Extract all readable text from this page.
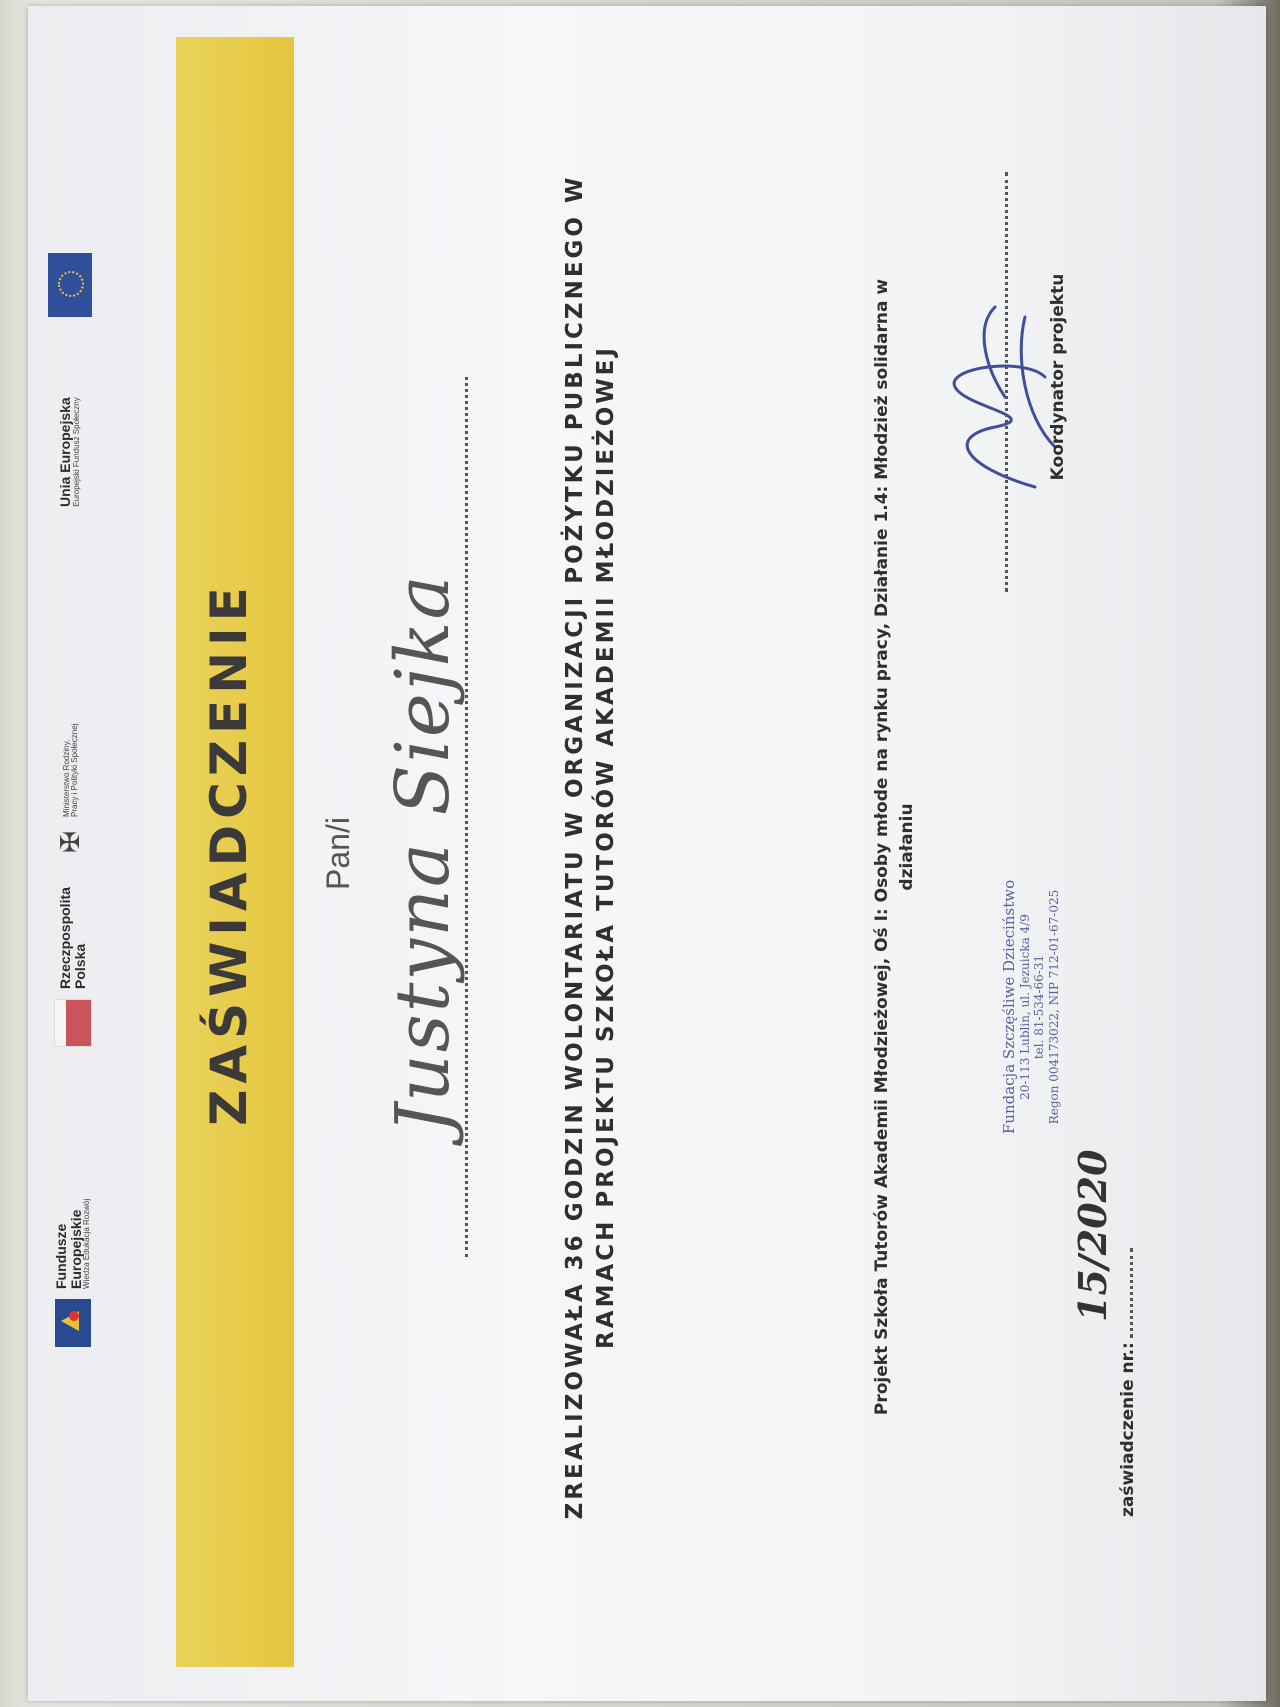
Fundusze
Europejskie
Wiedza Edukacja Rozwój
Rzeczpospolita
Polska
✠
Ministerstwo Rodziny, Pracy i Polityki Społecznej
Unia Europejska
Europejski Fundusz Społeczny
ZAŚWIADCZENIE Pan/i Justyna Siejka	ZREALIZOWAŁA 36 GODZIN WOLONTARIATU W ORGANIZACJI POŻYTKU PUBLICZNEGO W RAMACH PROJEKTU SZKOŁA TUTORÓW AKADEMII MŁODZIEŻOWEJ	Projekt Szkoła Tutorów Akademii Młodzieżowej, Oś I: Osoby młode na rynku pracy, Działanie 1.4: Młodzież solidarna w działaniu
Fundacja Szczęśliwe Dzieciństwo 20-113 Lublin, ul. Jezuicka 4/9 tel. 81-534-66-31 Regon 004173022, NIP 712-01-67-025
Koordynator projektu
zaświadczenie nr.:
15/2020
